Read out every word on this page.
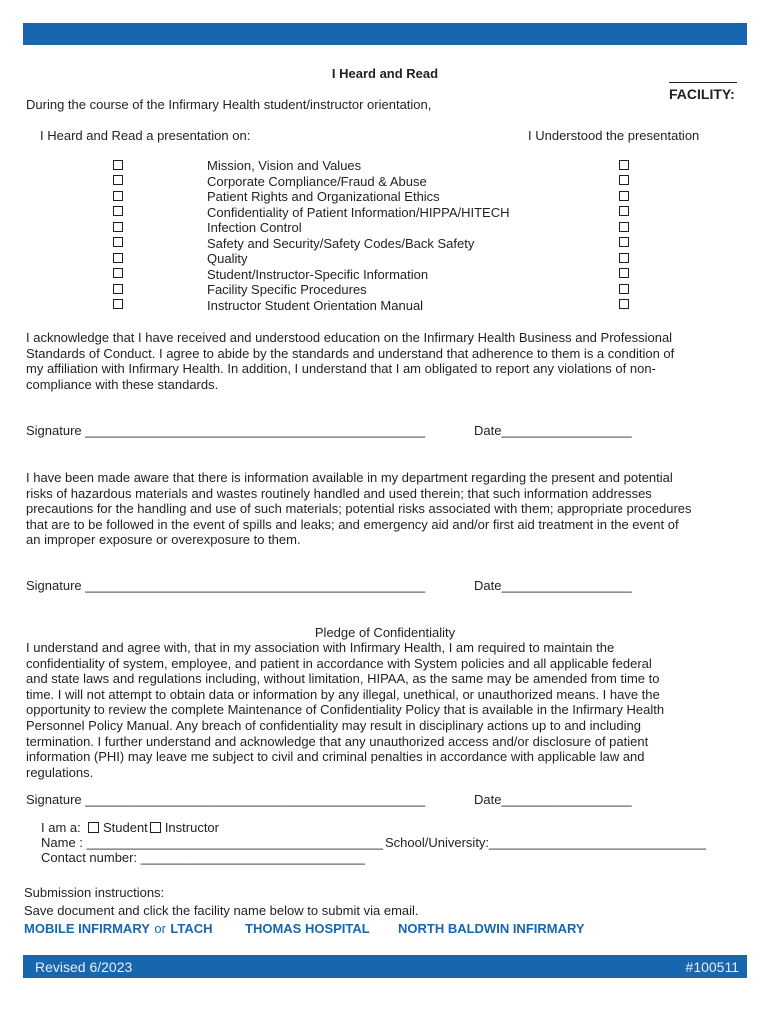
I Heard and Read
FACILITY:
During the course of the Infirmary Health student/instructor orientation,
I Heard and Read a presentation on:	I Understood the presentation
Mission, Vision and Values
Corporate Compliance/Fraud & Abuse
Patient Rights and Organizational Ethics
Confidentiality of Patient Information/HIPPA/HITECH
Infection Control
Safety and Security/Safety Codes/Back Safety
Quality
Student/Instructor-Specific Information
Facility Specific Procedures
Instructor Student Orientation Manual

I acknowledge that I have received and understood education on the Infirmary Health Business and Professional
Standards of Conduct. I agree to abide by the standards and understand that adherence to them is a condition of
my affiliation with Infirmary Health. In addition, I understand that I am obligated to report any violations of non-
compliance with these standards.

Signature _______________________________________________	Date__________________

I have been made aware that there is information available in my department regarding the present and potential
risks of hazardous materials and wastes routinely handled and used therein; that such information addresses
precautions for the handling and use of such materials; potential risks associated with them; appropriate procedures
that are to be followed in the event of spills and leaks; and emergency aid and/or first aid treatment in the event of
an improper exposure or overexposure to them.

Signature _______________________________________________	Date__________________
Pledge of Confidentiality

I understand and agree with, that in my association with Infirmary Health, I am required to maintain the
confidentiality of system, employee, and patient in accordance with System policies and all applicable federal
and state laws and regulations including, without limitation, HIPAA, as the same may be amended from time to
time. I will not attempt to obtain data or information by any illegal, unethical, or unauthorized means. I have the
opportunity to review the complete Maintenance of Confidentiality Policy that is available in the Infirmary Health
Personnel Policy Manual. Any breach of confidentiality may result in disciplinary actions up to and including
termination. I further understand and acknowledge that any unauthorized access and/or disclosure of patient
information (PHI) may leave me subject to civil and criminal penalties in accordance with applicable law and
regulations.

Signature _______________________________________________	Date__________________
I am a: Student Instructor
Name : _________________________________________ School/University:______________________________
Contact number: _______________________________
Submission instructions:
Save document and click the facility name below to submit via email.
MOBILE INFIRMARY or LTACH	THOMAS HOSPITAL NORTH BALDWIN INFIRMARY
Revised 6/2023	#100511
